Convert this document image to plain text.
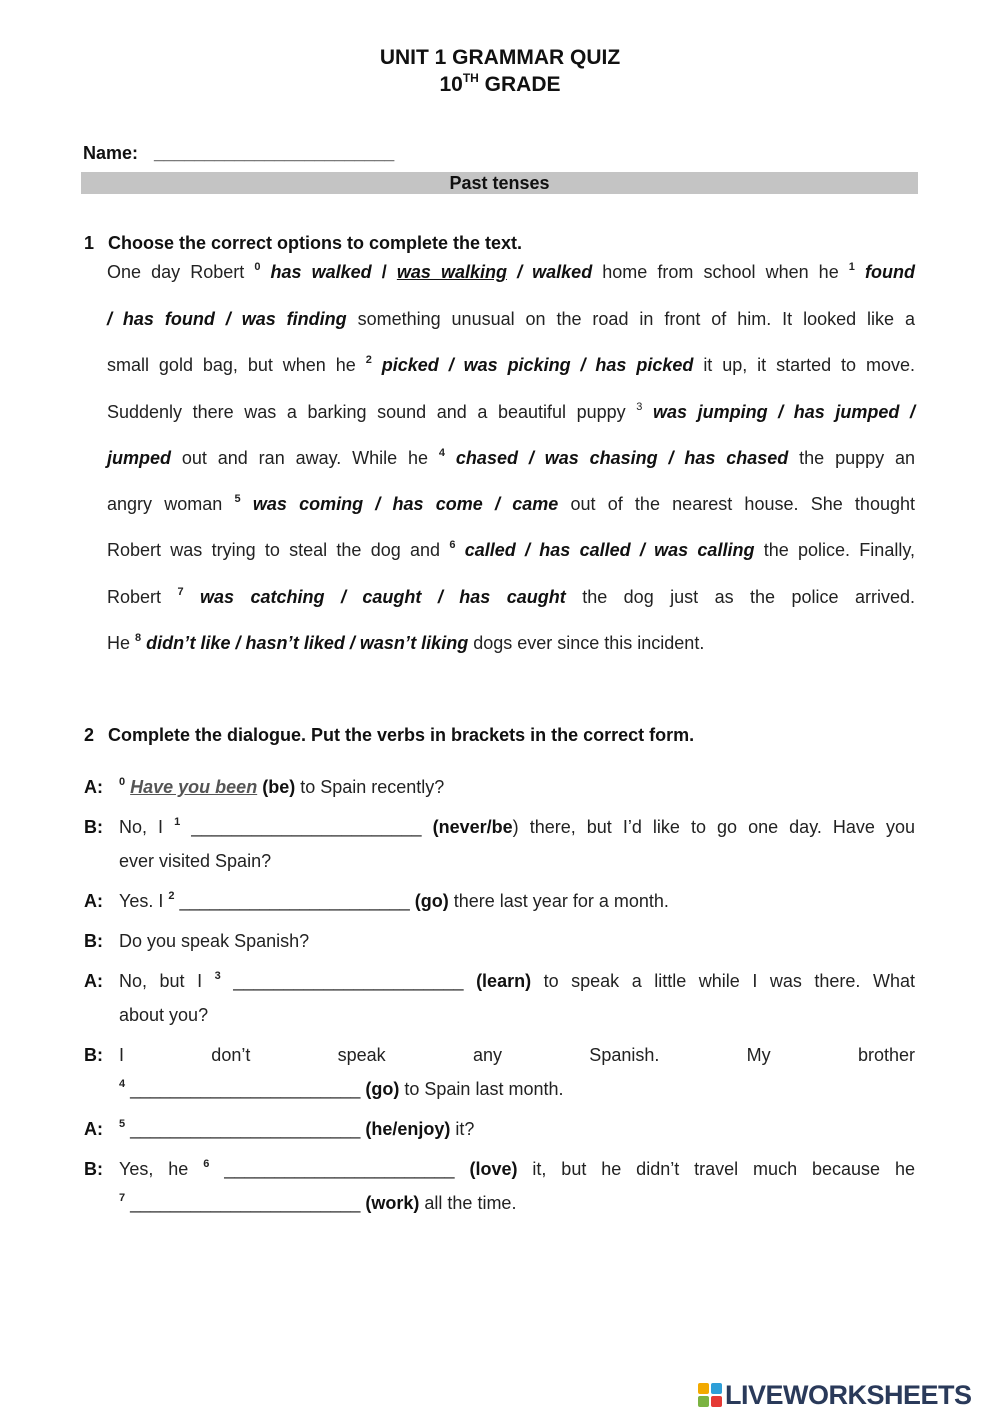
UNIT 1 GRAMMAR QUIZ
10TH GRADE
Name: ________________________
Past tenses
1 Choose the correct options to complete the text.
One day Robert $^0$ has walked / was walking / walked home from school when he $^1$ found
/ has found / was finding something unusual on the road in front of him. It looked like a
small gold bag, but when he $^2$ picked / was picking / has picked it up, it started to move.
Suddenly there was a barking sound and a beautiful puppy $^3$ was jumping / has jumped /
jumped out and ran away. While he $^4$ chased / was chasing / has chased the puppy an
angry woman $^5$ was coming / has come / came out of the nearest house. She thought
Robert was trying to steal the dog and $^6$ called / has called / was calling the police. Finally,
Robert $^7$ was catching / caught / has caught the dog just as the police arrived.
He $^8$ didn’t like / hasn’t liked / wasn’t liking dogs ever since this incident.
2 Complete the dialogue. Put the verbs in brackets in the correct form.
A: $^0$ Have you been (be) to Spain recently?
B: No, I $^1$ _______________________ (never/be) there, but I’d like to go one day. Have you
ever visited Spain?
A: Yes. I $^2$ _______________________ (go) there last year for a month.
B: Do you speak Spanish?
A: No, but I $^3$ _______________________ (learn) to speak a little while I was there. What
about you?
B: I don’t speak any Spanish. My brother
$^4$ _______________________ (go) to Spain last month.
A: $^5$ _______________________ (he/enjoy) it?
B: Yes, he $^6$ _______________________ (love) it, but he didn’t travel much because he
$^7$ _______________________ (work) all the time.
LIVEWORKSHEETS
